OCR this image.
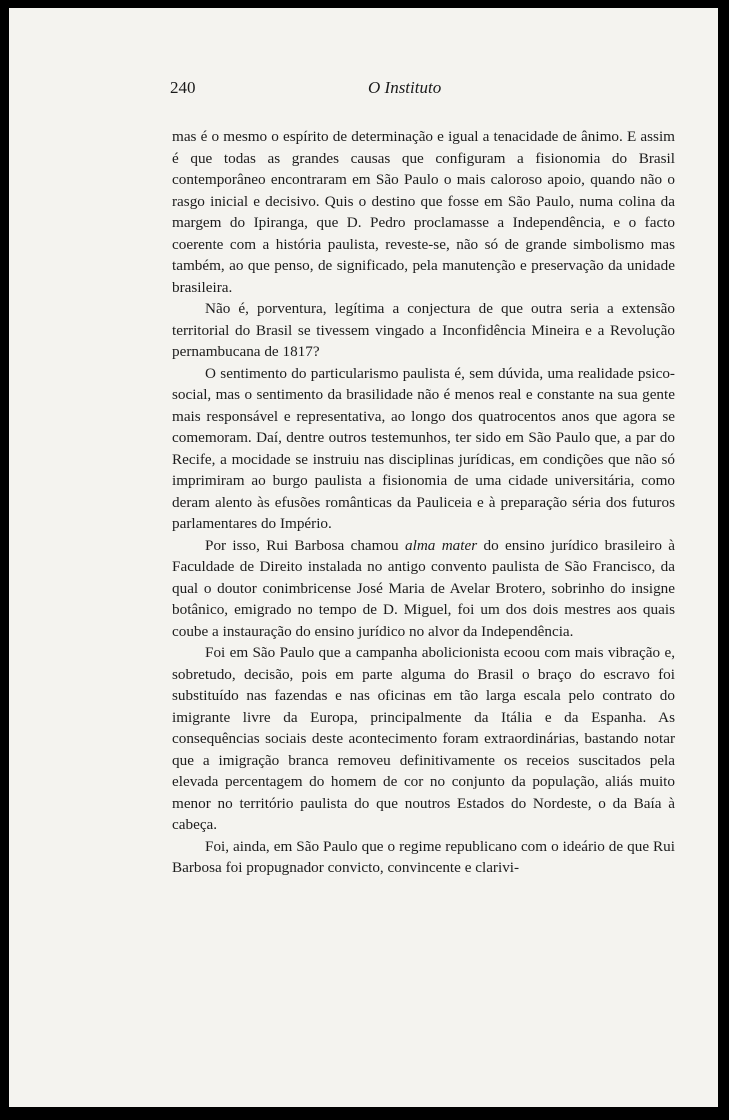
240	O Instituto

mas é o mesmo o espírito de determinação e igual a tenacidade de ânimo. E assim é que todas as grandes causas que configuram a fisionomia do Brasil contemporâneo encontraram em São Paulo o mais caloroso apoio, quando não o rasgo inicial e decisivo. Quis o destino que fosse em São Paulo, numa colina da margem do Ipiranga, que D. Pedro proclamasse a Independência, e o facto coerente com a história paulista, reveste-se, não só de grande simbolismo mas também, ao que penso, de significado, pela manutenção e preservação da unidade brasileira.

Não é, porventura, legítima a conjectura de que outra seria a extensão territorial do Brasil se tivessem vingado a Inconfidência Mineira e a Revolução pernambucana de 1817?

O sentimento do particularismo paulista é, sem dúvida, uma realidade psico-social, mas o sentimento da brasilidade não é menos real e constante na sua gente mais responsável e representativa, ao longo dos quatrocentos anos que agora se comemoram. Daí, dentre outros testemunhos, ter sido em São Paulo que, a par do Recife, a mocidade se instruiu nas disciplinas jurídicas, em condições que não só imprimiram ao burgo paulista a fisionomia de uma cidade universitária, como deram alento às efusões românticas da Pauliceia e à preparação séria dos futuros parlamentares do Império.

Por isso, Rui Barbosa chamou alma mater do ensino jurídico brasileiro à Faculdade de Direito instalada no antigo convento paulista de São Francisco, da qual o doutor conimbricense José Maria de Avelar Brotero, sobrinho do insigne botânico, emigrado no tempo de D. Miguel, foi um dos dois mestres aos quais coube a instauração do ensino jurídico no alvor da Independência.

Foi em São Paulo que a campanha abolicionista ecoou com mais vibração e, sobretudo, decisão, pois em parte alguma do Brasil o braço do escravo foi substituído nas fazendas e nas oficinas em tão larga escala pelo contrato do imigrante livre da Europa, principalmente da Itália e da Espanha. As consequências sociais deste acontecimento foram extraordinárias, bastando notar que a imigração branca removeu definitivamente os receios suscitados pela elevada percentagem do homem de cor no conjunto da população, aliás muito menor no território paulista do que noutros Estados do Nordeste, o da Baía à cabeça.

Foi, ainda, em São Paulo que o regime republicano com o ideário de que Rui Barbosa foi propugnador convicto, convincente e clarivi-
